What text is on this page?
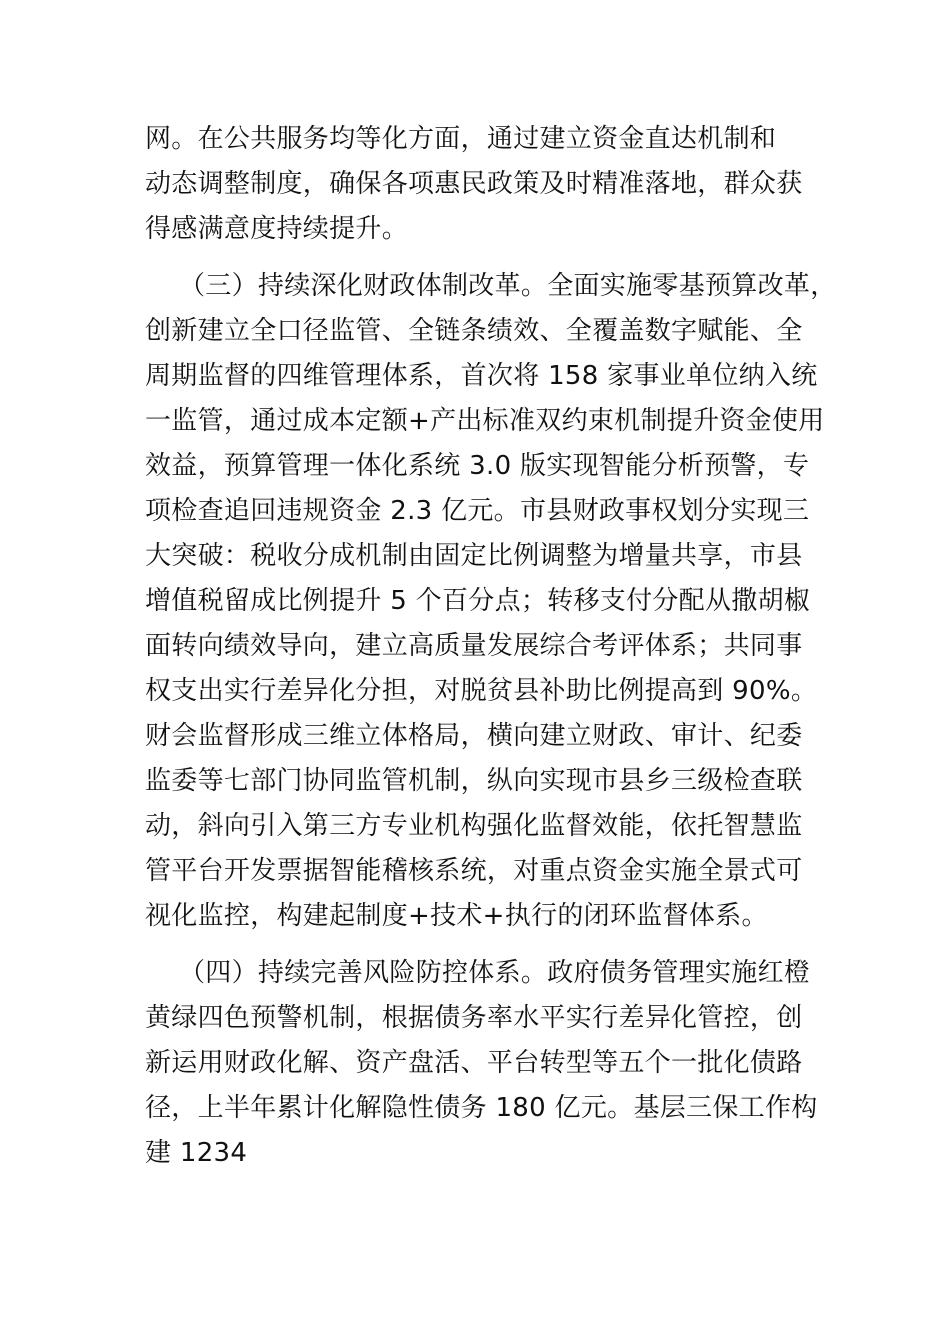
网。在公共服务均等化方面，通过建立资金直达机制和
动态调整制度，确保各项惠民政策及时精准落地，群众获
得感满意度持续提升。
（三）持续深化财政体制改革。全面实施零基预算改革，
创新建立全口径监管、全链条绩效、全覆盖数字赋能、全
周期监督的四维管理体系，首次将 158 家事业单位纳入统
一监管，通过成本定额+产出标准双约束机制提升资金使用
效益，预算管理一体化系统 3.0 版实现智能分析预警，专
项检查追回违规资金 2.3 亿元。市县财政事权划分实现三
大突破：税收分成机制由固定比例调整为增量共享，市县
增值税留成比例提升 5 个百分点；转移支付分配从撒胡椒
面转向绩效导向，建立高质量发展综合考评体系；共同事
权支出实行差异化分担，对脱贫县补助比例提高到 90%。
财会监督形成三维立体格局，横向建立财政、审计、纪委
监委等七部门协同监管机制，纵向实现市县乡三级检查联
动，斜向引入第三方专业机构强化监督效能，依托智慧监
管平台开发票据智能稽核系统，对重点资金实施全景式可
视化监控，构建起制度+技术+执行的闭环监督体系。
（四）持续完善风险防控体系。政府债务管理实施红橙
黄绿四色预警机制，根据债务率水平实行差异化管控，创
新运用财政化解、资产盘活、平台转型等五个一批化债路
径，上半年累计化解隐性债务 180 亿元。基层三保工作构
建 1234
